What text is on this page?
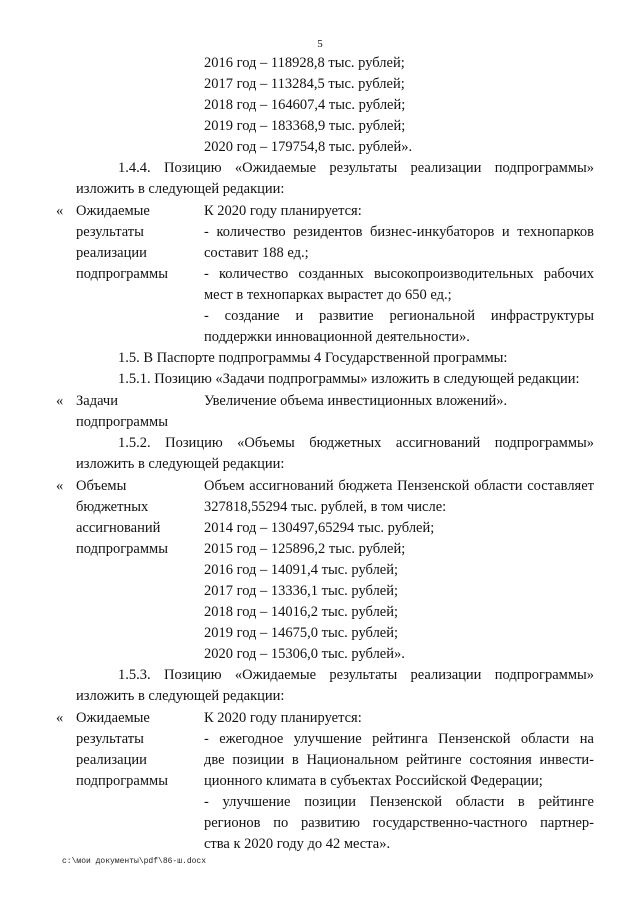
5
2016 год – 118928,8 тыс. рублей;
2017 год – 113284,5 тыс. рублей;
2018 год – 164607,4 тыс. рублей;
2019 год – 183368,9 тыс. рублей;
2020 год – 179754,8 тыс. рублей».
1.4.4. Позицию «Ожидаемые результаты реализации подпрограммы»
изложить в следующей редакции:
« Ожидаемые
результаты
реализации
подпрограммы
К 2020 году планируется:
- количество резидентов бизнес-инкубаторов и технопарков
составит 188 ед.;
- количество созданных высокопроизводительных рабочих
мест в технопарках вырастет до 650 ед.;
- создание и развитие региональной инфраструктуры
поддержки инновационной деятельности».
1.5. В Паспорте подпрограммы 4 Государственной программы:
1.5.1. Позицию «Задачи подпрограммы» изложить в следующей редакции:
« Задачи
подпрограммы
Увеличение объема инвестиционных вложений».
1.5.2. Позицию «Объемы бюджетных ассигнований подпрограммы»
изложить в следующей редакции:
« Объемы
бюджетных
ассигнований
подпрограммы
Объем ассигнований бюджета Пензенской области составляет
327818,55294 тыс. рублей, в том числе:
2014 год – 130497,65294 тыс. рублей;
2015 год – 125896,2 тыс. рублей;
2016 год – 14091,4 тыс. рублей;
2017 год – 13336,1 тыс. рублей;
2018 год – 14016,2 тыс. рублей;
2019 год – 14675,0 тыс. рублей;
2020 год – 15306,0 тыс. рублей».
1.5.3. Позицию «Ожидаемые результаты реализации подпрограммы»
изложить в следующей редакции:
« Ожидаемые
результаты
реализации
подпрограммы
К 2020 году планируется:
- ежегодное улучшение рейтинга Пензенской области на
две позиции в Национальном рейтинге состояния инвести-
ционного климата в субъектах Российской Федерации;
- улучшение позиции Пензенской области в рейтинге
регионов по развитию государственно-частного партнер-
ства к 2020 году до 42 места».
c:\мои документы\pdf\86-ш.docx
